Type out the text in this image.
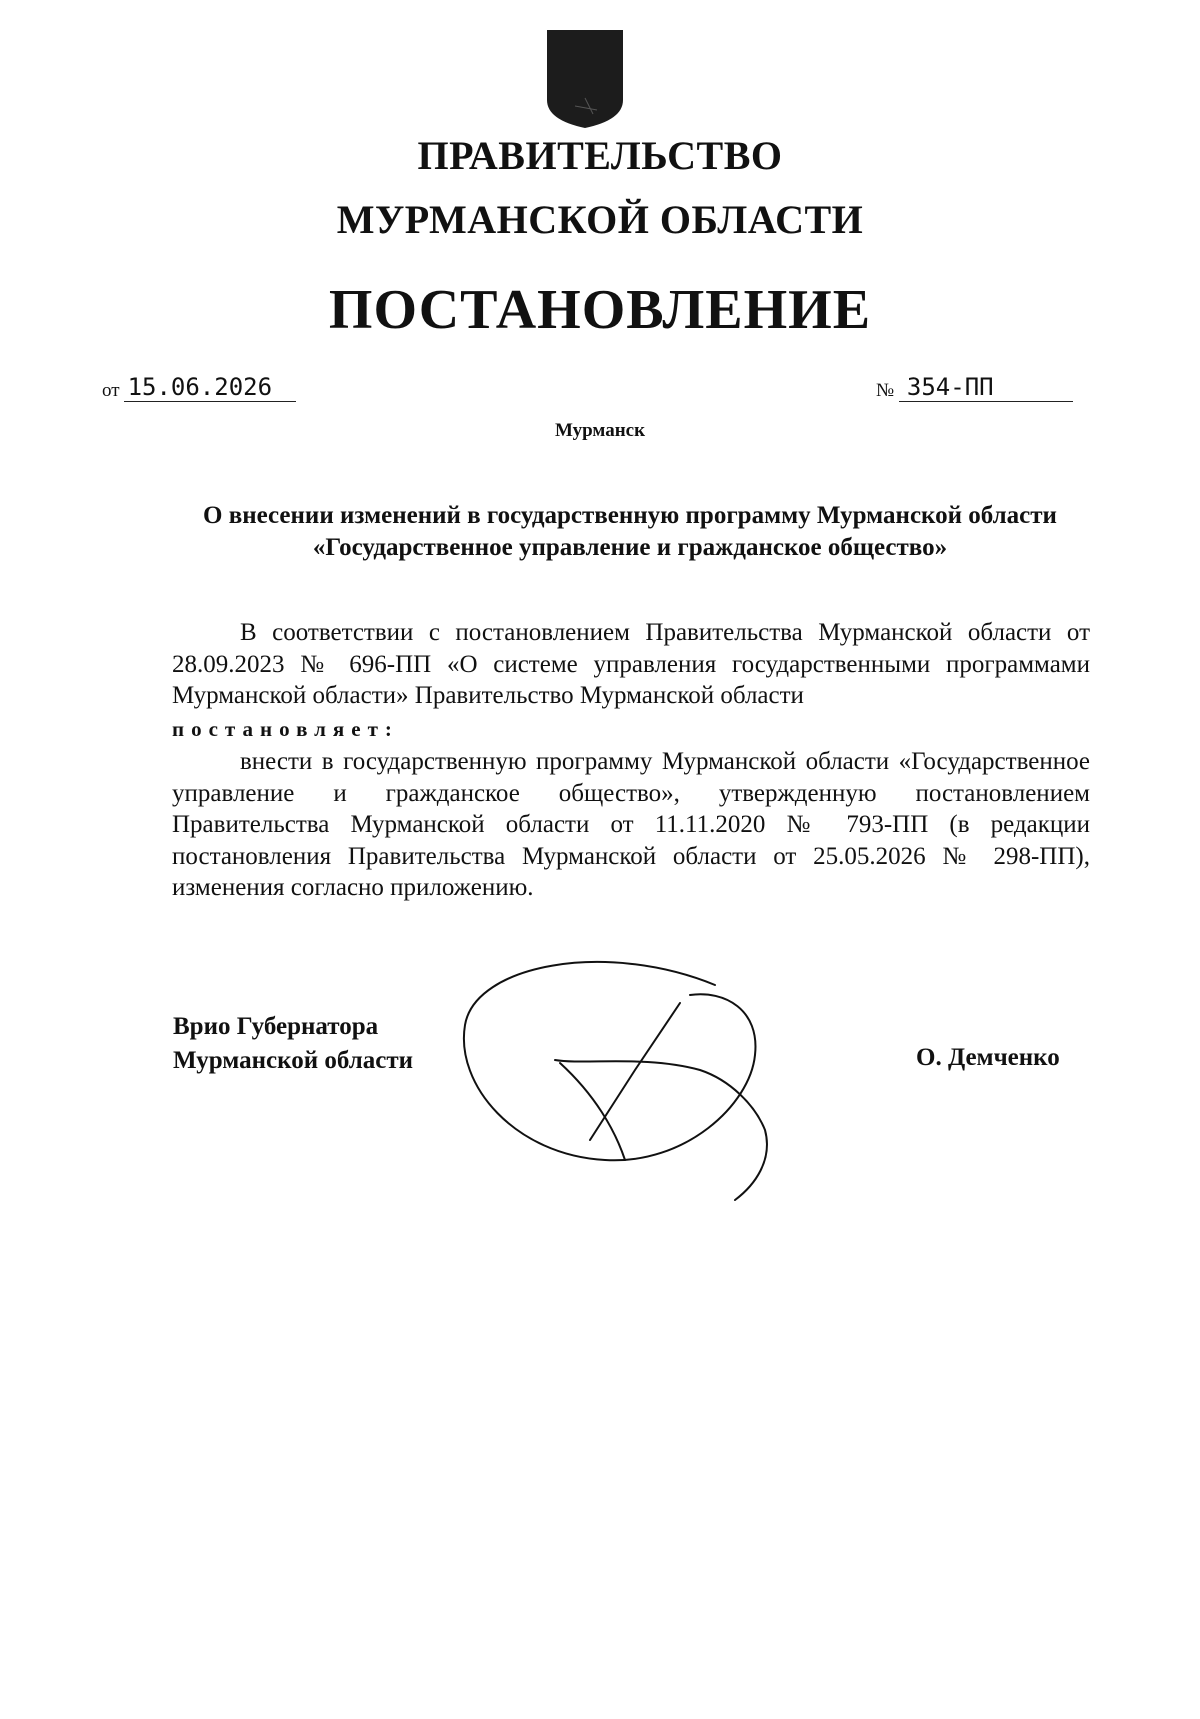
ПРАВИТЕЛЬСТВО
МУРМАНСКОЙ ОБЛАСТИ
ПОСТАНОВЛЕНИЕ
от 15.06.2026	№ 354-ПП
Мурманск
О внесении изменений в государственную программу Мурманской области «Государственное управление и гражданское общество»
В соответствии с постановлением Правительства Мурманской области от 28.09.2023 № 696-ПП «О системе управления государственными программами Мурманской области» Правительство Мурманской области
постановляет:
внести в государственную программу Мурманской области «Государственное управление и гражданское общество», утвержденную постановлением Правительства Мурманской области от 11.11.2020 № 793-ПП (в редакции постановления Правительства Мурманской области от 25.05.2026 № 298-ПП), изменения согласно приложению.
Врио Губернатора
Мурманской области	О. Демченко
